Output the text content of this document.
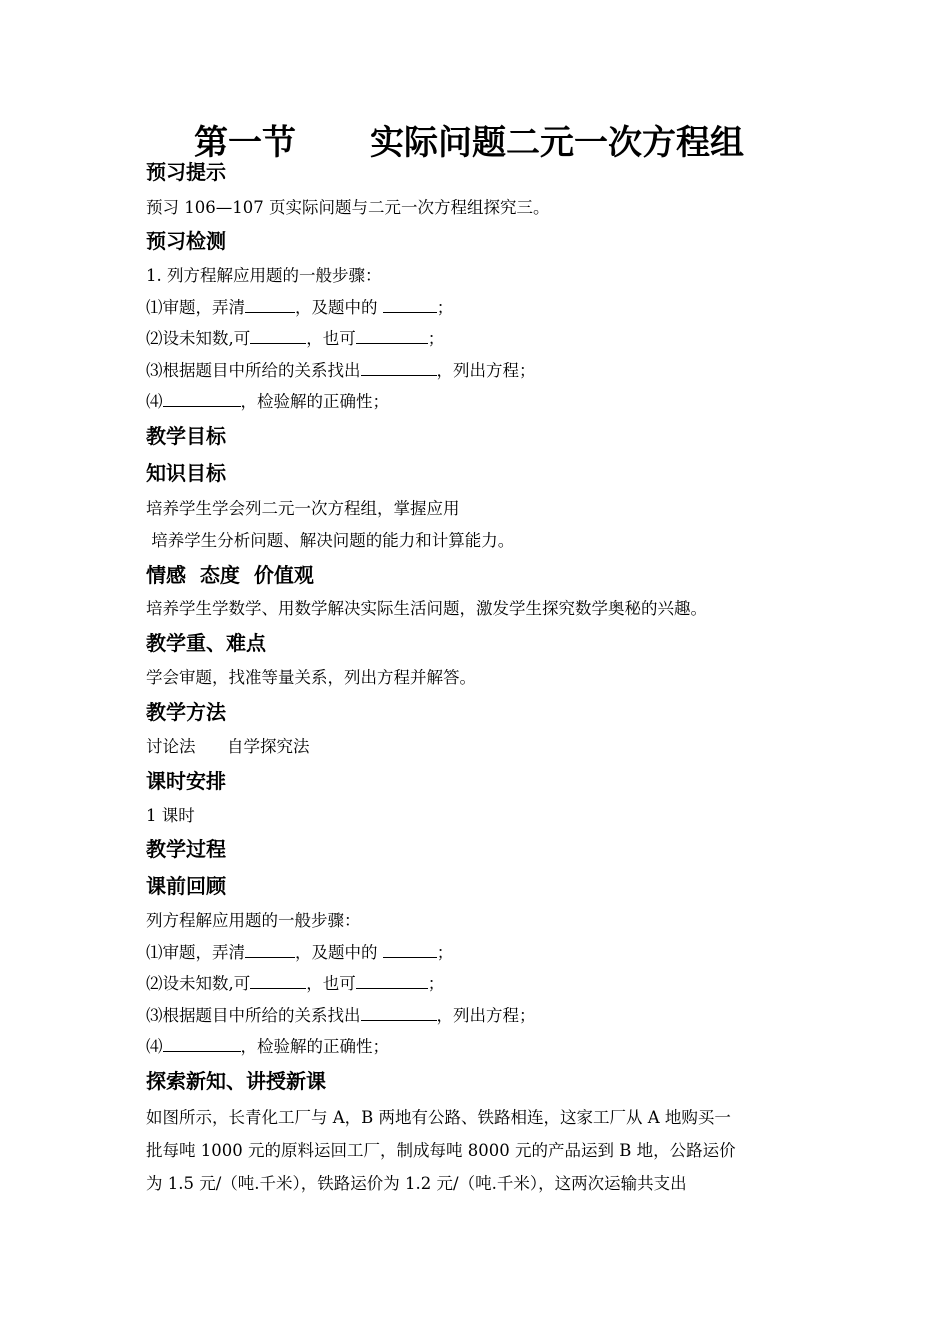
第一节 实际问题二元一次方程组
预习提示
预习 106—107 页实际问题与二元一次方程组探究三。
预习检测
1. 列方程解应用题的一般步骤：
⑴审题，弄清	，及题中的	；
⑵设未知数,可	，也可	；
⑶根据题目中所给的关系找出	，列出方程；
⑷	，检验解的正确性；
教学目标
知识目标
培养学生学会列二元一次方程组，掌握应用
培养学生分析问题、解决问题的能力和计算能力。
情感  态度  价值观
培养学生学数学、用数学解决实际生活问题，激发学生探究数学奥秘的兴趣。
教学重、难点
学会审题，找准等量关系，列出方程并解答。
教学方法
讨论法      自学探究法
课时安排
1 课时
教学过程
课前回顾
列方程解应用题的一般步骤：
⑴审题，弄清	，及题中的	；
⑵设未知数,可	，也可	；
⑶根据题目中所给的关系找出	，列出方程；
⑷	，检验解的正确性；
探索新知、讲授新课
如图所示，长青化工厂与 A，B 两地有公路、铁路相连，这家工厂从 A 地购买一
批每吨 1000 元的原料运回工厂，制成每吨 8000 元的产品运到 B 地，公路运价
为 1.5 元/（吨.千米），铁路运价为 1.2 元/（吨.千米），这两次运输共支出
